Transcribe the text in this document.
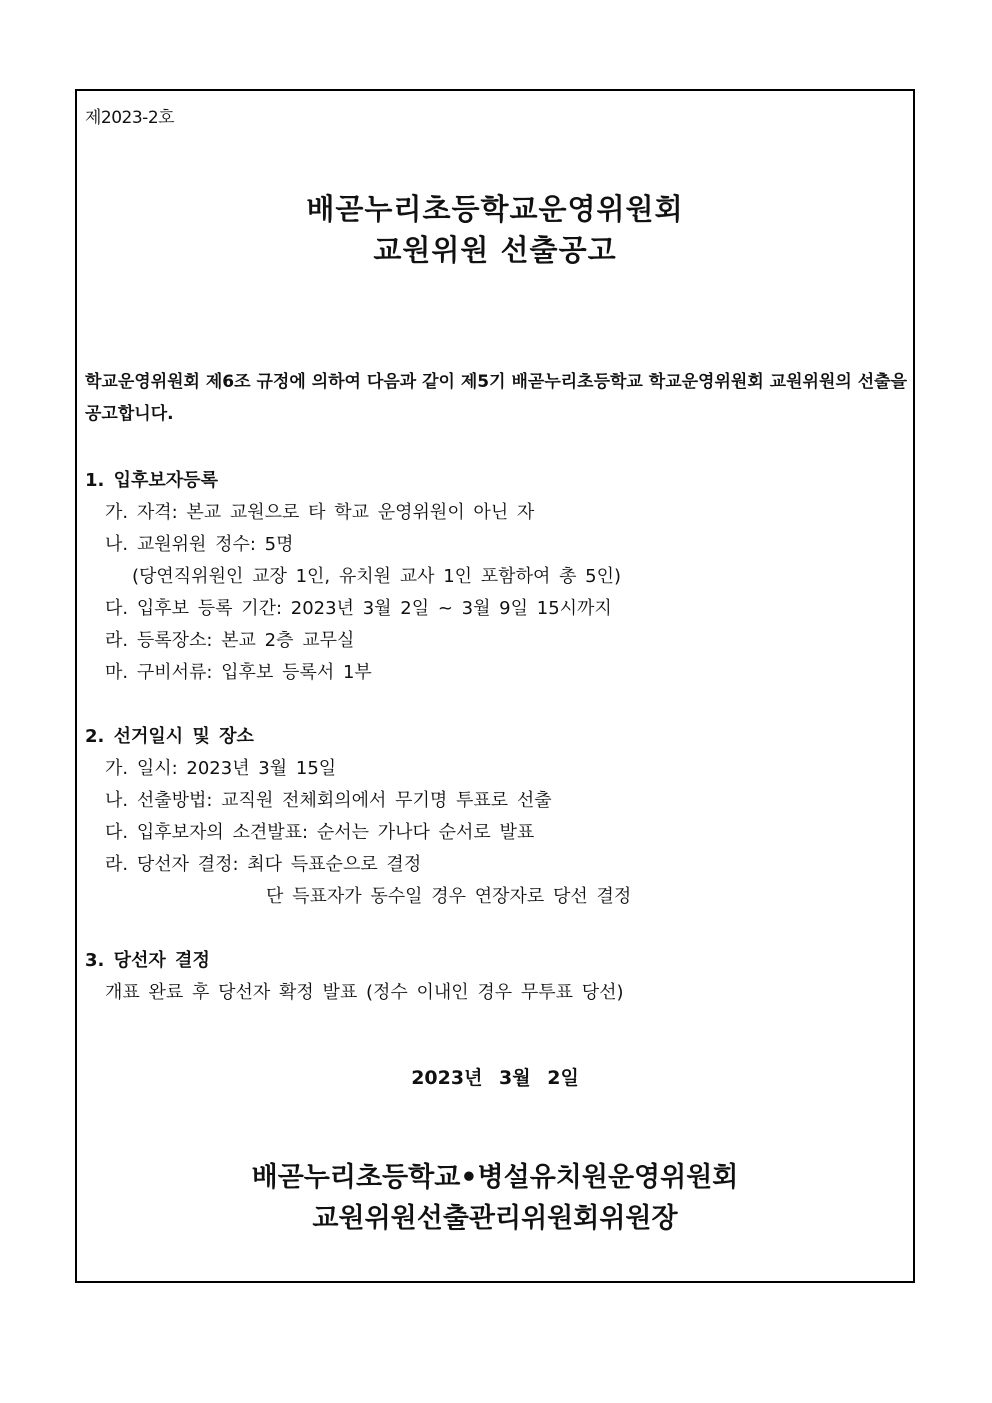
제2023-2호
배곧누리초등학교운영위원회
교원위원 선출공고
학교운영위원회 제6조 규정에 의하여 다음과 같이 제5기 배곧누리초등학교 학교운영위원회 교원위원의 선출을 공고합니다.
1. 입후보자등록
가. 자격: 본교 교원으로 타 학교 운영위원이 아닌 자
나. 교원위원 정수: 5명
(당연직위원인 교장 1인, 유치원 교사 1인 포함하여 총 5인)
다. 입후보 등록 기간: 2023년 3월 2일 ~ 3월 9일 15시까지
라. 등록장소: 본교 2층 교무실
마. 구비서류: 입후보 등록서 1부
2. 선거일시 및 장소
가. 일시: 2023년 3월 15일
나. 선출방법: 교직원 전체회의에서 무기명 투표로 선출
다. 입후보자의 소견발표: 순서는 가나다 순서로 발표
라. 당선자 결정: 최다 득표순으로 결정
단 득표자가 동수일 경우 연장자로 당선 결정
3. 당선자 결정
개표 완료 후 당선자 확정 발표 (정수 이내인 경우 무투표 당선)
2023년 3월 2일
배곧누리초등학교•병설유치원운영위원회
교원위원선출관리위원회위원장
